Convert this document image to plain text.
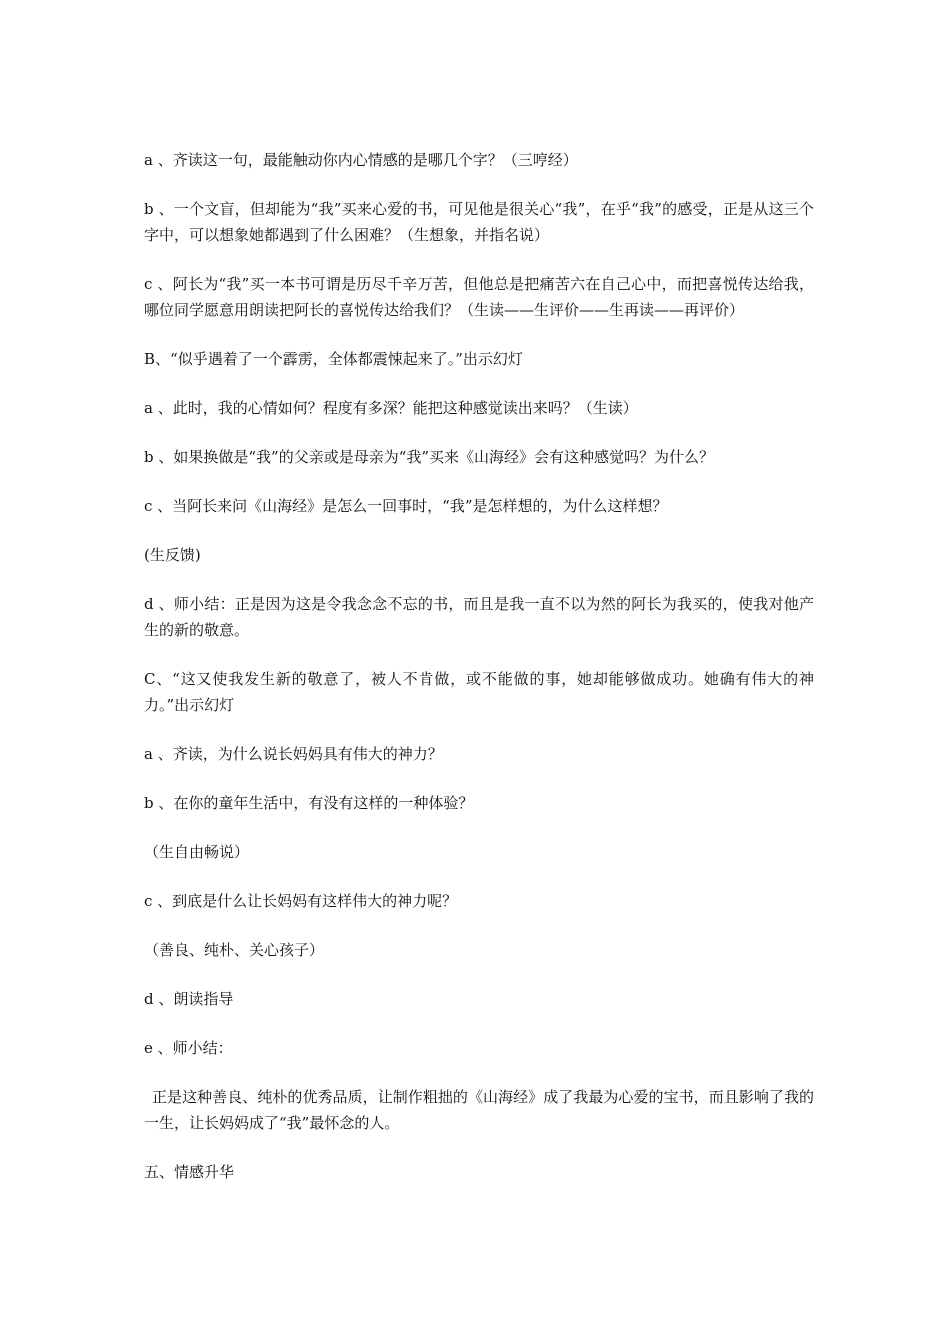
a 、齐读这一句，最能触动你内心情感的是哪几个字？（三哼经）

b 、一个文盲，但却能为“我”买来心爱的书，可见他是很关心“我”，在乎“我”的感受，正是从这三个字中，可以想象她都遇到了什么困难？（生想象，并指名说）

c 、阿长为“我”买一本书可谓是历尽千辛万苦，但他总是把痛苦六在自己心中，而把喜悦传达给我，哪位同学愿意用朗读把阿长的喜悦传达给我们？（生读——生评价——生再读——再评价）

B、“似乎遇着了一个霹雳，全体都震悚起来了。”出示幻灯

a 、此时，我的心情如何？程度有多深？能把这种感觉读出来吗？（生读）

b 、如果换做是“我”的父亲或是母亲为“我”买来《山海经》会有这种感觉吗？为什么？

c 、当阿长来问《山海经》是怎么一回事时，“我”是怎样想的，为什么这样想？

(生反馈)

d 、师小结：正是因为这是令我念念不忘的书，而且是我一直不以为然的阿长为我买的，使我对他产生的新的敬意。

C、“这又使我发生新的敬意了，被人不肯做，或不能做的事，她却能够做成功。她确有伟大的神力。”出示幻灯

a 、齐读，为什么说长妈妈具有伟大的神力？

b 、在你的童年生活中，有没有这样的一种体验？

（生自由畅说）

c 、到底是什么让长妈妈有这样伟大的神力呢？

（善良、纯朴、关心孩子）

d 、朗读指导

e 、师小结：

正是这种善良、纯朴的优秀品质，让制作粗拙的《山海经》成了我最为心爱的宝书，而且影响了我的一生，让长妈妈成了“我”最怀念的人。

五、情感升华
